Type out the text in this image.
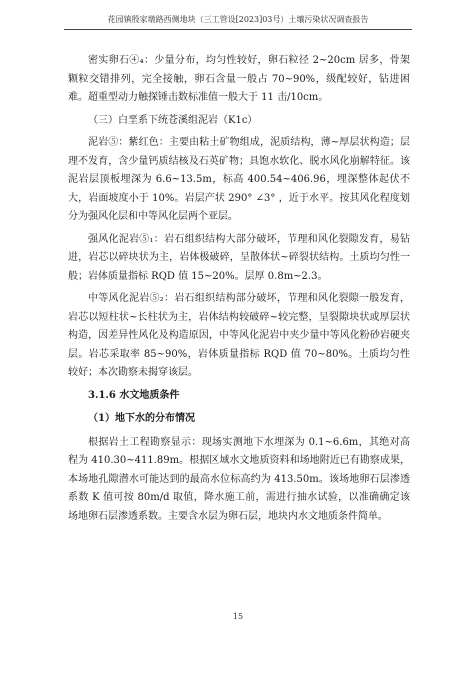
花园镇殷家墩路西侧地块（三工管设[2023]03号）土壤污染状况调查报告

密实卵石④₄：少量分布，均匀性较好，卵石粒径 2~20cm 居多，骨架颗粒交错排列，完全接触，卵石含量一般占 70~90%，级配较好，钻进困难。超重型动力触探锤击数标准值一般大于 11 击/10cm。

（三）白垩系下统苍溪组泥岩（K1c）

泥岩⑤：紫红色：主要由粘土矿物组成，泥质结构，薄~厚层状构造；层理不发育，含少量钙质结核及石英矿物；具饱水软化、脱水风化崩解特征。该泥岩层顶板埋深为 6.6~13.5m，标高 400.54~406.96，埋深整体起伏不大，岩面坡度小于 10%。岩层产状 290° ∠3° ，近于水平。按其风化程度划分为强风化层和中等风化层两个亚层。

强风化泥岩⑤₁：岩石组织结构大部分破坏，节理和风化裂隙发育，易钻进，岩芯以碎块状为主，岩体极破碎，呈散体状~碎裂状结构。土质均匀性一般；岩体质量指标 RQD 值 15~20%。层厚 0.8m~2.3。

中等风化泥岩⑤₂：岩石组织结构部分破坏，节理和风化裂隙一般发育，岩芯以短柱状~长柱状为主，岩体结构较破碎~较完整，呈裂隙块状或厚层状构造，因差异性风化及构造原因，中等风化泥岩中夹少量中等风化粉砂岩硬夹层。岩芯采取率 85~90%，岩体质量指标 RQD 值 70~80%。土质均匀性较好；本次勘察未揭穿该层。

3.1.6 水文地质条件

（1）地下水的分布情况

根据岩土工程勘察显示：现场实测地下水埋深为 0.1~6.6m，其绝对高程为 410.30~411.89m。根据区域水文地质资料和场地附近已有勘察成果，本场地孔隙潜水可能达到的最高水位标高约为 413.50m。该场地卵石层渗透系数 K 值可按 80m/d 取值，降水施工前，需进行抽水试验，以准确确定该场地卵石层渗透系数。主要含水层为卵石层，地块内水文地质条件简单。

15
